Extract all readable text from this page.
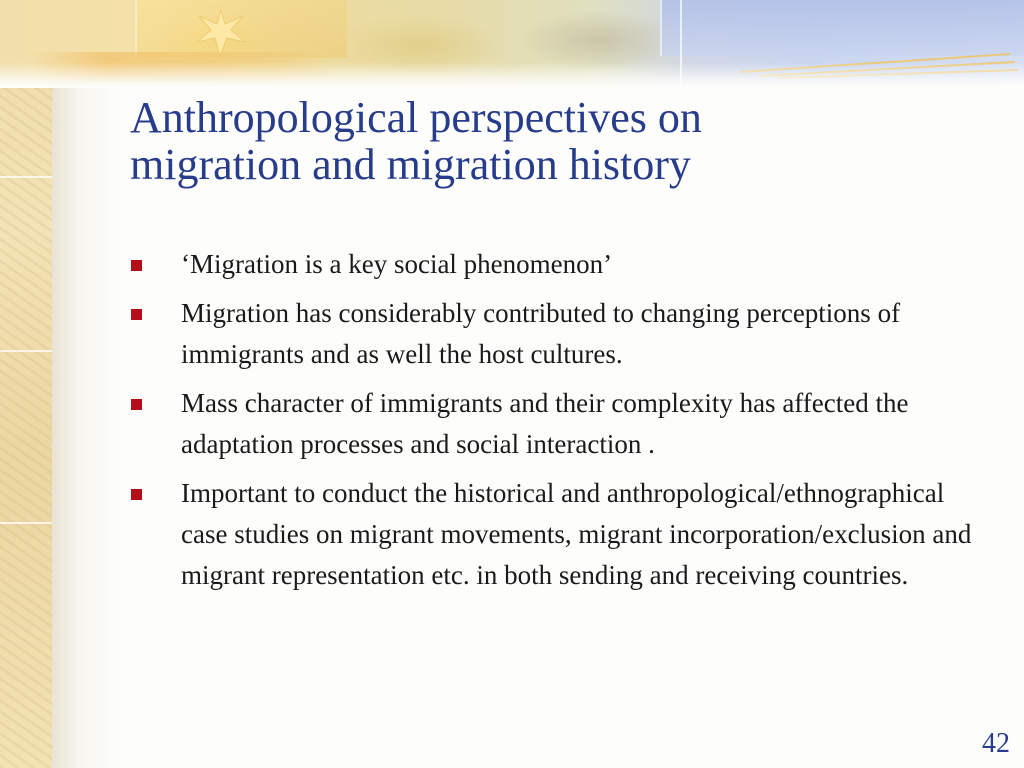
Anthropological perspectives on
migration and migration history
‘Migration is a key social phenomenon’
Migration has considerably contributed to changing perceptions of immigrants and as well the host cultures.
Mass character of immigrants and their complexity has affected the adaptation processes and social interaction .
Important to conduct the historical and anthropological/ethnographical case studies on migrant movements, migrant incorporation/exclusion and migrant representation etc. in both sending and receiving countries.
42
